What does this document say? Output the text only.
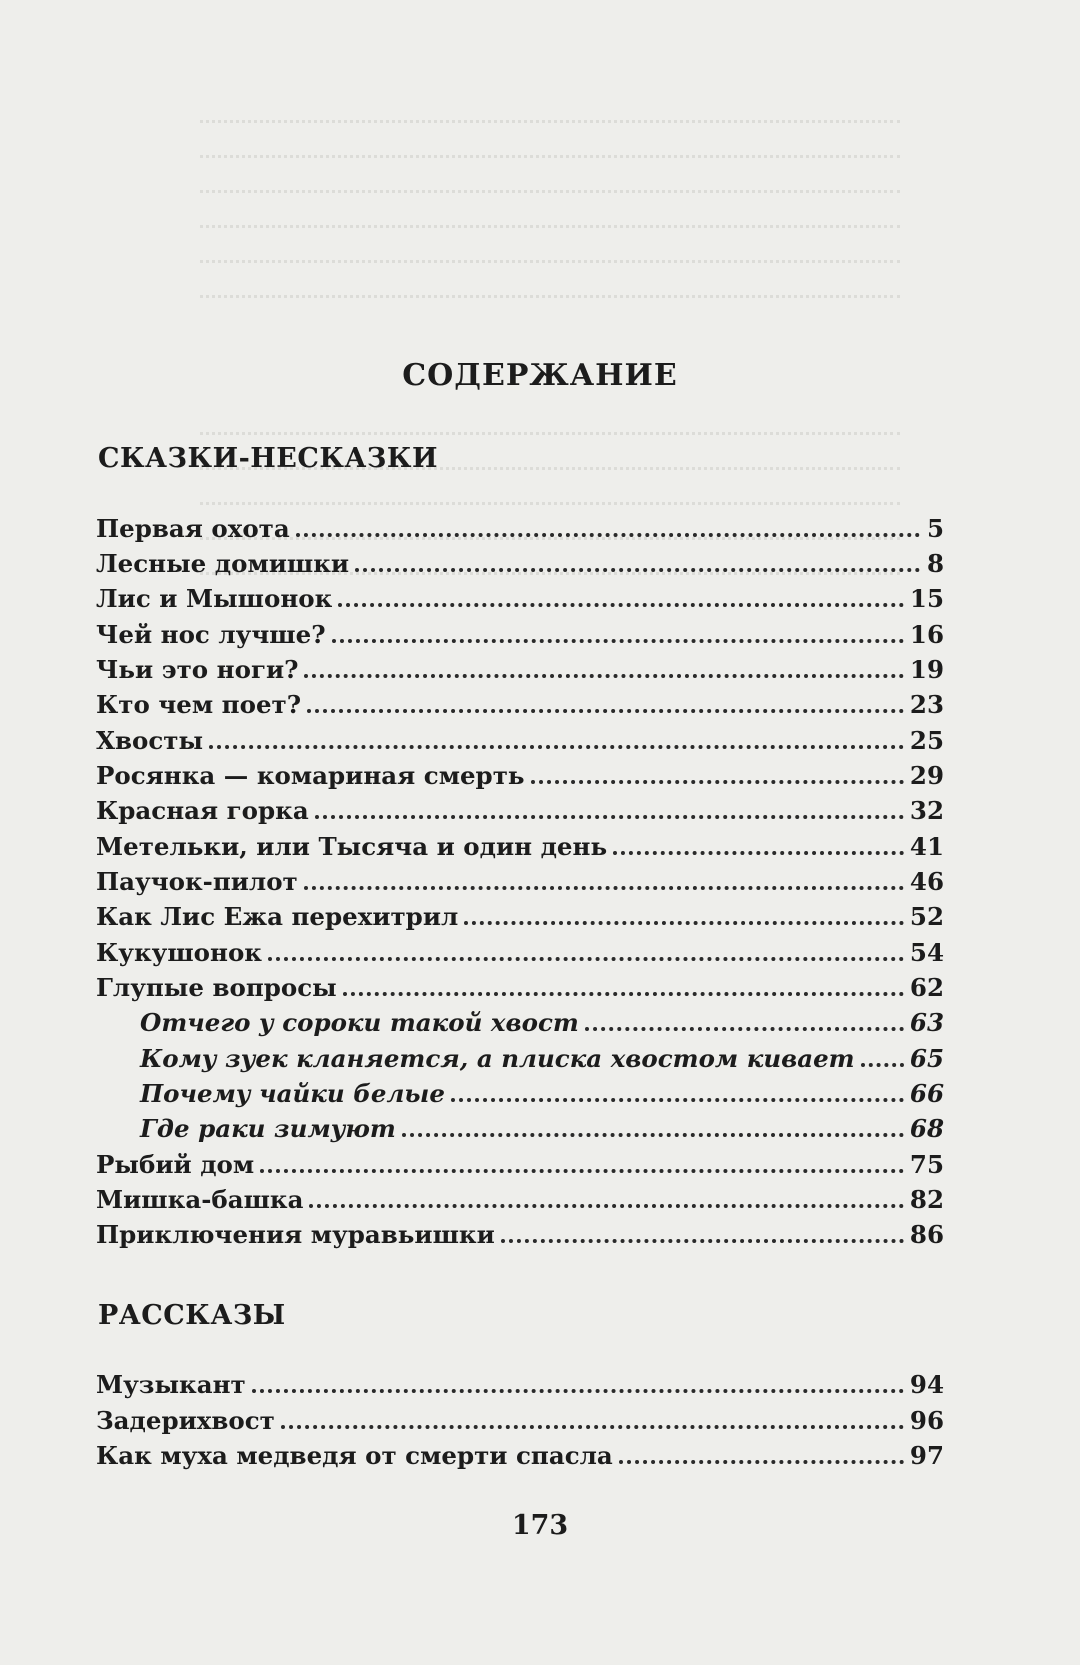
СОДЕРЖАНИЕ
СКАЗКИ-НЕСКАЗКИ
Первая охота	5
Лесные домишки	8
Лис и Мышонок	15
Чей нос лучше?	16
Чьи это ноги?	19
Кто чем поет?	23
Хвосты	25
Росянка — комариная смерть	29
Красная горка	32
Метельки, или Тысяча и один день	41
Паучок-пилот	46
Как Лис Ежа перехитрил	52
Кукушонок	54
Глупые вопросы	62
Отчего у сороки такой хвост	63
Кому зуек кланяется, а плиска хвостом кивает 65
Почему чайки белые	66
Где раки зимуют	68
Рыбий дом	75
Мишка-башка	82
Приключения муравьишки	86
РАССКАЗЫ
Музыкант	94
Задерихвост	96
Как муха медведя от смерти спасла	97
173
